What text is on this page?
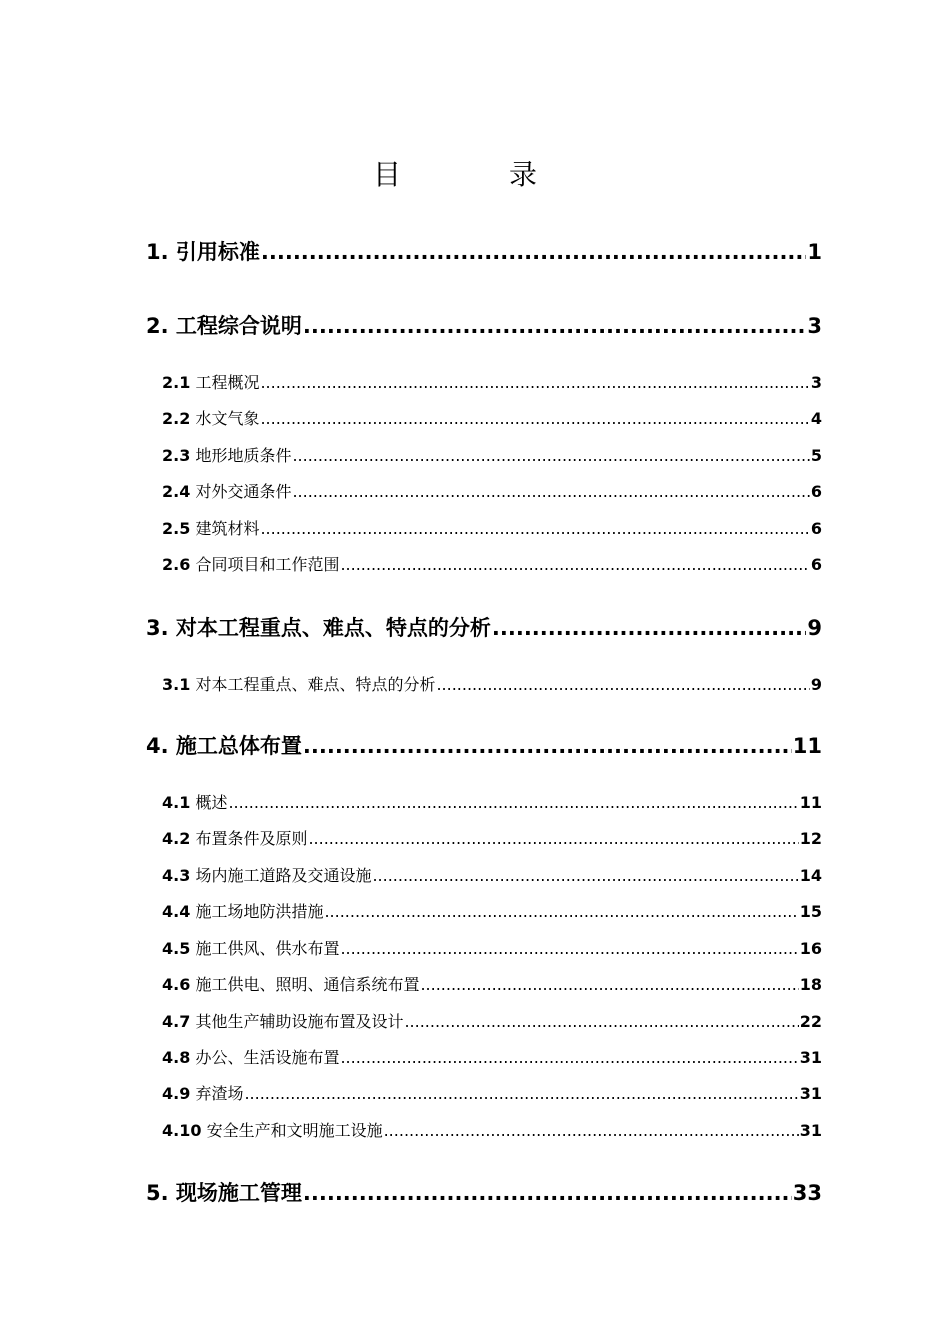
目　录
1. 引用标准 .....	1
2. 工程综合说明 .....	3
2.1 工程概况 .....	3
2.2 水文气象 .....	4
2.3 地形地质条件 .....	5
2.4 对外交通条件 .....	6
2.5 建筑材料 .....	6
2.6 合同项目和工作范围 .....	6
3. 对本工程重点、难点、特点的分析 .....	9
3.1 对本工程重点、难点、特点的分析 .....	9
4. 施工总体布置 .....	11
4.1 概述 .....	11
4.2 布置条件及原则 .....	12
4.3 场内施工道路及交通设施 .....	14
4.4 施工场地防洪措施 .....	15
4.5 施工供风、供水布置 .....	16
4.6 施工供电、照明、通信系统布置 .....	18
4.7 其他生产辅助设施布置及设计 .....	22
4.8 办公、生活设施布置 .....	31
4.9 弃渣场 .....	31
4.10 安全生产和文明施工设施 .....	31
5. 现场施工管理 .....	33
